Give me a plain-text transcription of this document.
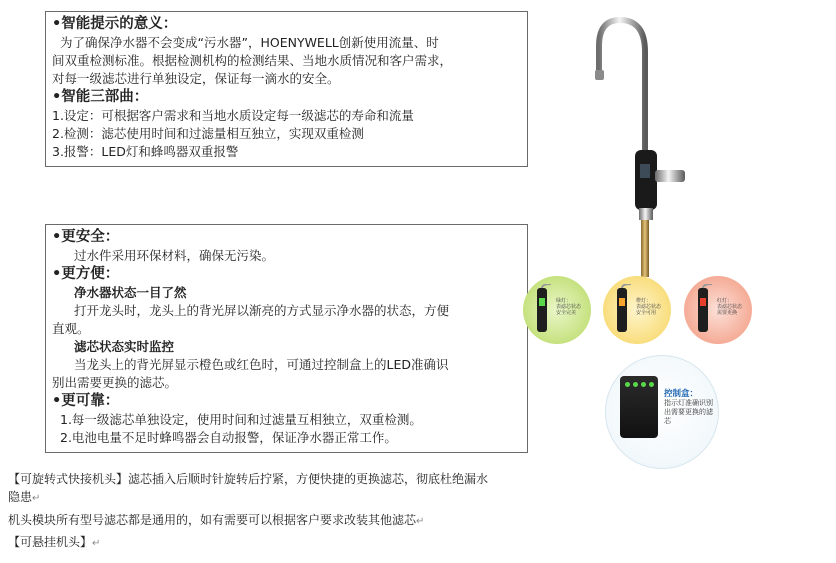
•智能提示的意义：
为了确保净水器不会变成“污水器”，HOENYWELL创新使用流量、时
间双重检测标准。根据检测机构的检测结果、当地水质情况和客户需求，
对每一级滤芯进行单独设定，保证每一滴水的安全。
•智能三部曲：
1.设定：可根据客户需求和当地水质设定每一级滤芯的寿命和流量
2.检测：滤芯使用时间和过滤量相互独立，实现双重检测
3.报警：LED灯和蜂鸣器双重报警
•更安全：
过水件采用环保材料，确保无污染。
•更方便：
净水器状态一目了然
打开龙头时，龙头上的背光屏以渐亮的方式显示净水器的状态，方便
直观。
滤芯状态实时监控
当龙头上的背光屏显示橙色或红色时，可通过控制盒上的LED准确识
别出需要更换的滤芯。
•更可靠：
1.每一级滤芯单独设定，使用时间和过滤量互相独立，双重检测。
2.电池电量不足时蜂鸣器会自动报警，保证净水器正常工作。
绿灯：
表滤芯状态
安全完美
橙灯：
表滤芯状态
安全可用
红灯：
表滤芯状态
需要更换
控制盒：
指示灯准确识别出需要更换的滤芯
【可旋转式快接机头】滤芯插入后顺时针旋转后拧紧，方便快捷的更换滤芯，彻底杜绝漏水
隐患↵
机头模块所有型号滤芯都是通用的，如有需要可以根据客户要求改装其他滤芯↵
【可悬挂机头】↵
